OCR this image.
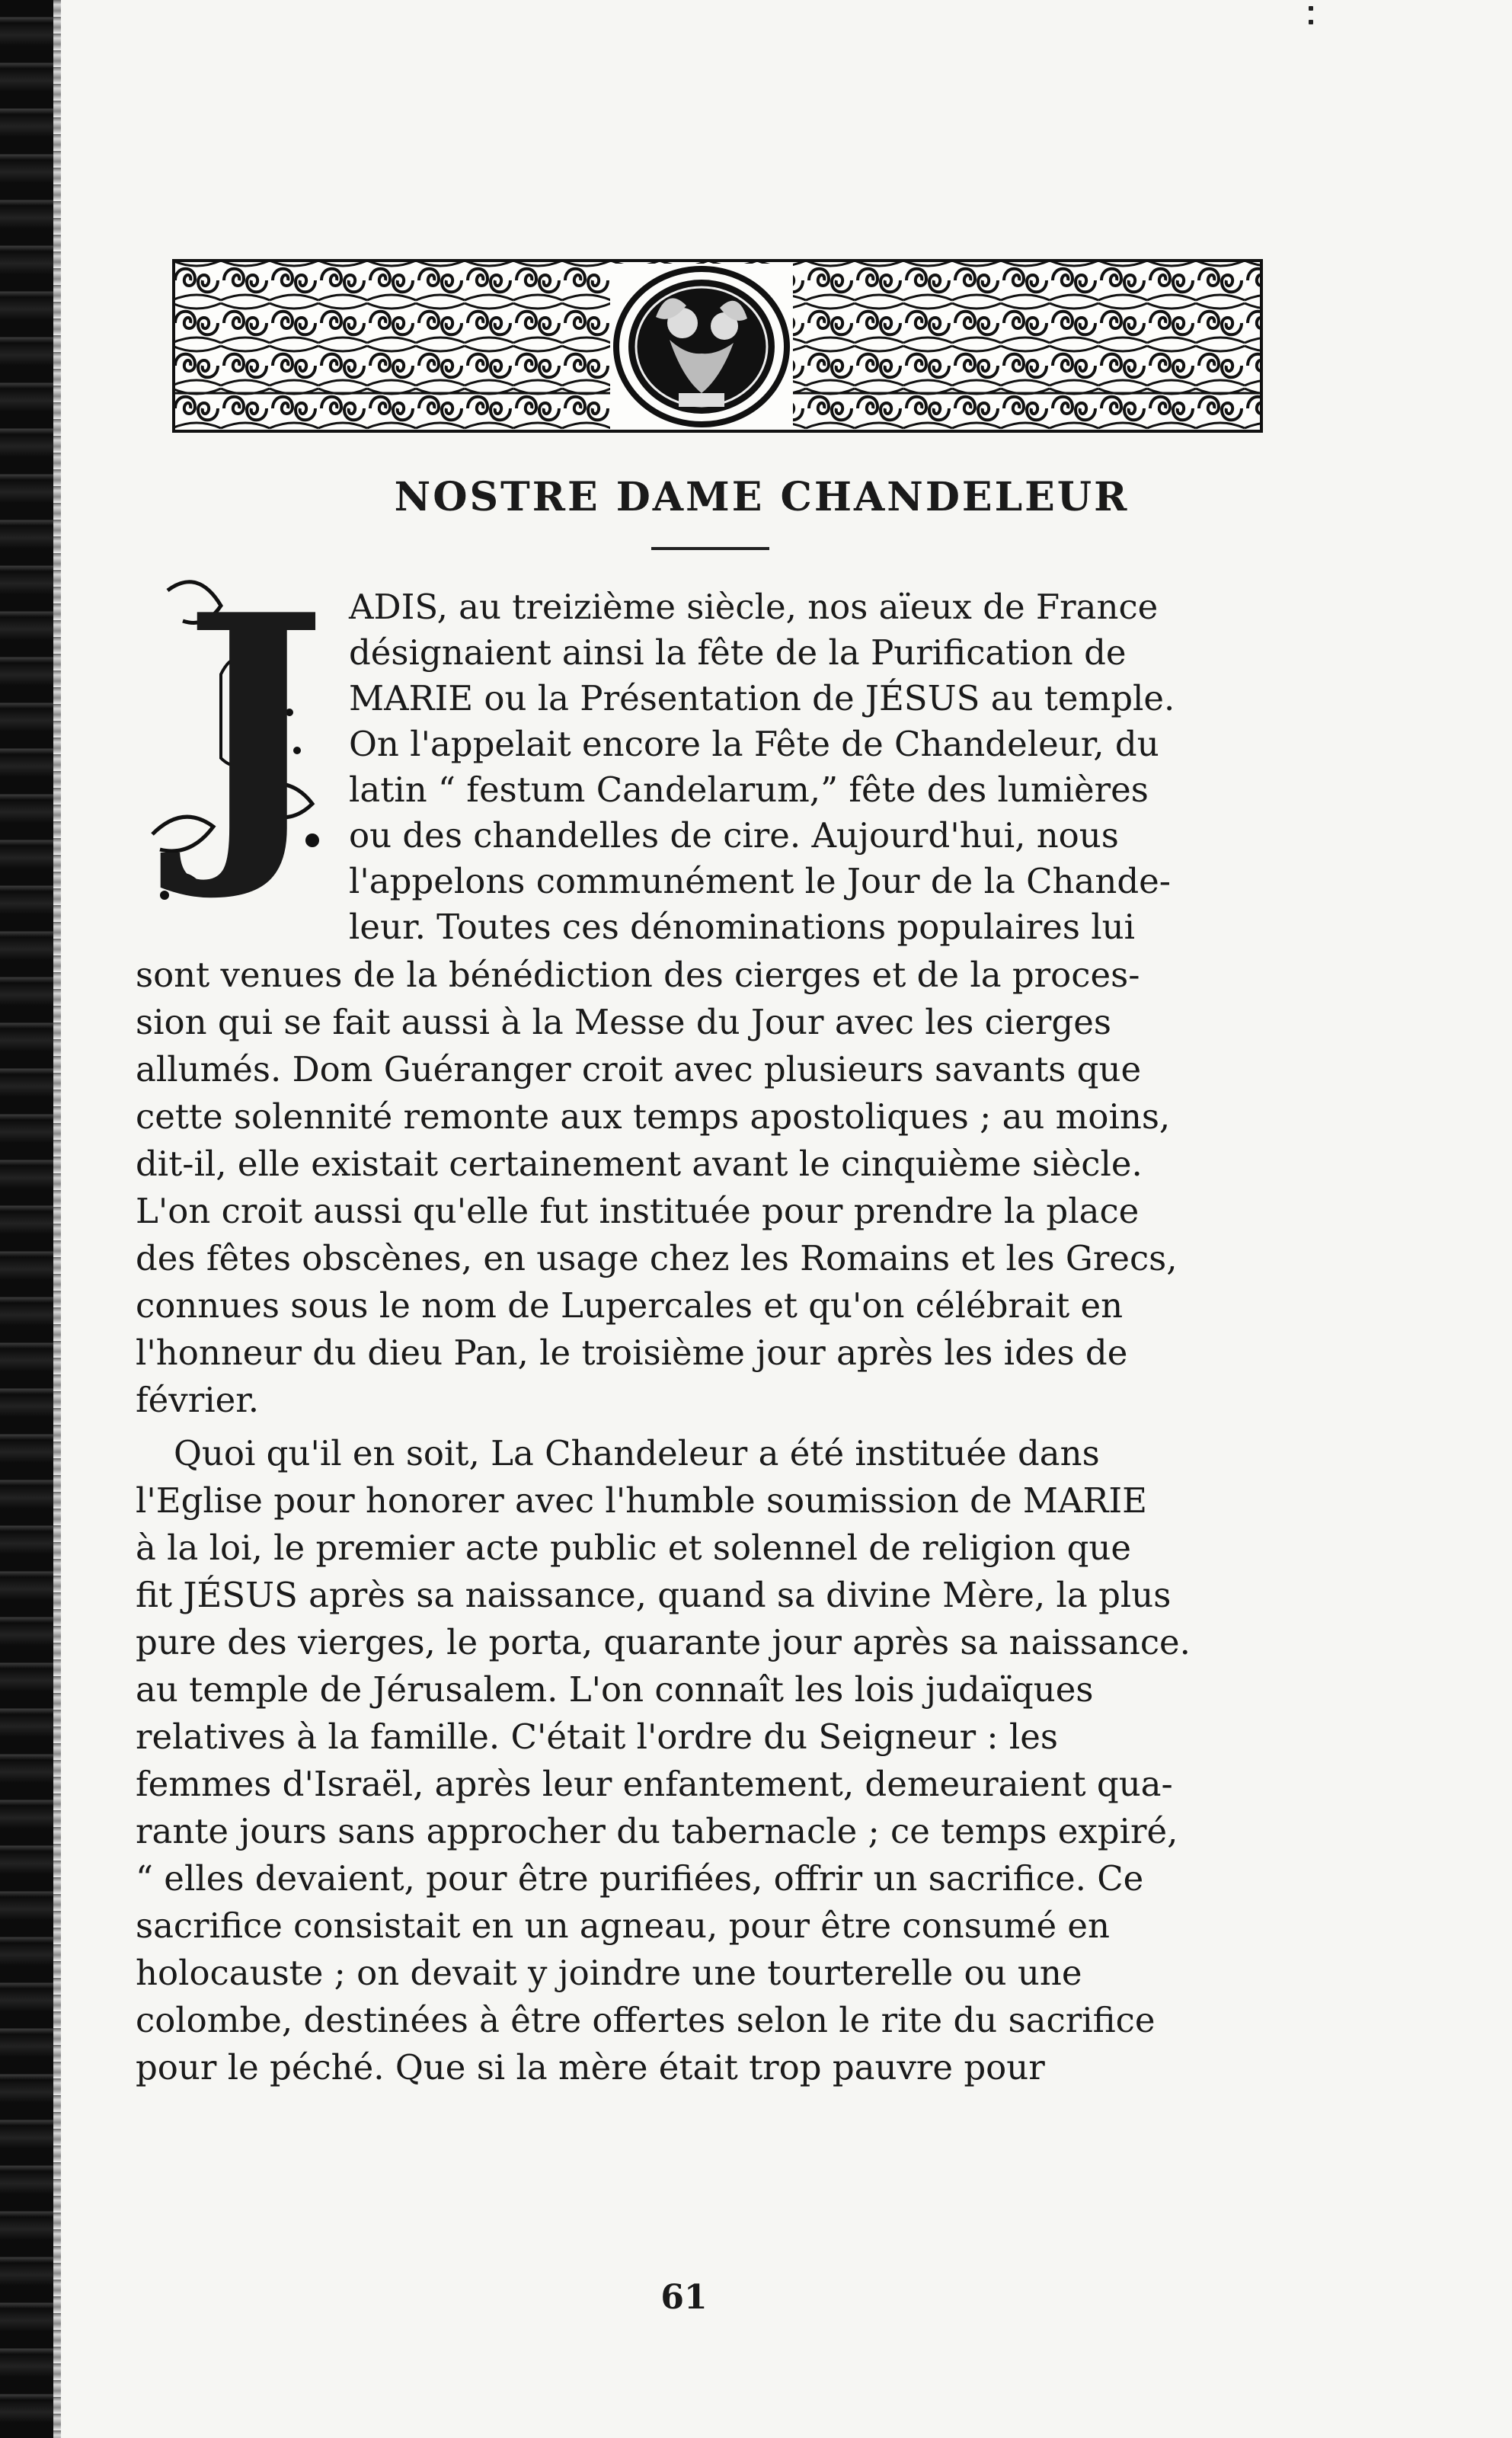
NOSTRE DAME CHANDELEUR
J ADIS, au treizième siècle, nos aïeux de France

désignaient ainsi la fête de la Purification de

MARIE ou la Présentation de JÉSUS au temple.

On l'appelait encore la Fête de Chandeleur, du

latin “ festum Candelarum,” fête des lumières

ou des chandelles de cire. Aujourd'hui, nous

l'appelons communément le Jour de la Chande-

leur. Toutes ces dénominations populaires lui

sont venues de la bénédiction des cierges et de la proces-

sion qui se fait aussi à la Messe du Jour avec les cierges

allumés. Dom Guéranger croit avec plusieurs savants que

cette solennité remonte aux temps apostoliques ; au moins,

dit-il, elle existait certainement avant le cinquième siècle.

L'on croit aussi qu'elle fut instituée pour prendre la place

des fêtes obscènes, en usage chez les Romains et les Grecs,

connues sous le nom de Lupercales et qu'on célébrait en

l'honneur du dieu Pan, le troisième jour après les ides de

février.

Quoi qu'il en soit, La Chandeleur a été instituée dans

l'Eglise pour honorer avec l'humble soumission de MARIE

à la loi, le premier acte public et solennel de religion que

fit JÉSUS après sa naissance, quand sa divine Mère, la plus

pure des vierges, le porta, quarante jour après sa naissance.

au temple de Jérusalem. L'on connaît les lois judaïques

relatives à la famille. C'était l'ordre du Seigneur : les

femmes d'Israël, après leur enfantement, demeuraient qua-

rante jours sans approcher du tabernacle ; ce temps expiré,

“ elles devaient, pour être purifiées, offrir un sacrifice. Ce

sacrifice consistait en un agneau, pour être consumé en

holocauste ; on devait y joindre une tourterelle ou une

colombe, destinées à être offertes selon le rite du sacrifice

pour le péché. Que si la mère était trop pauvre pour

61
